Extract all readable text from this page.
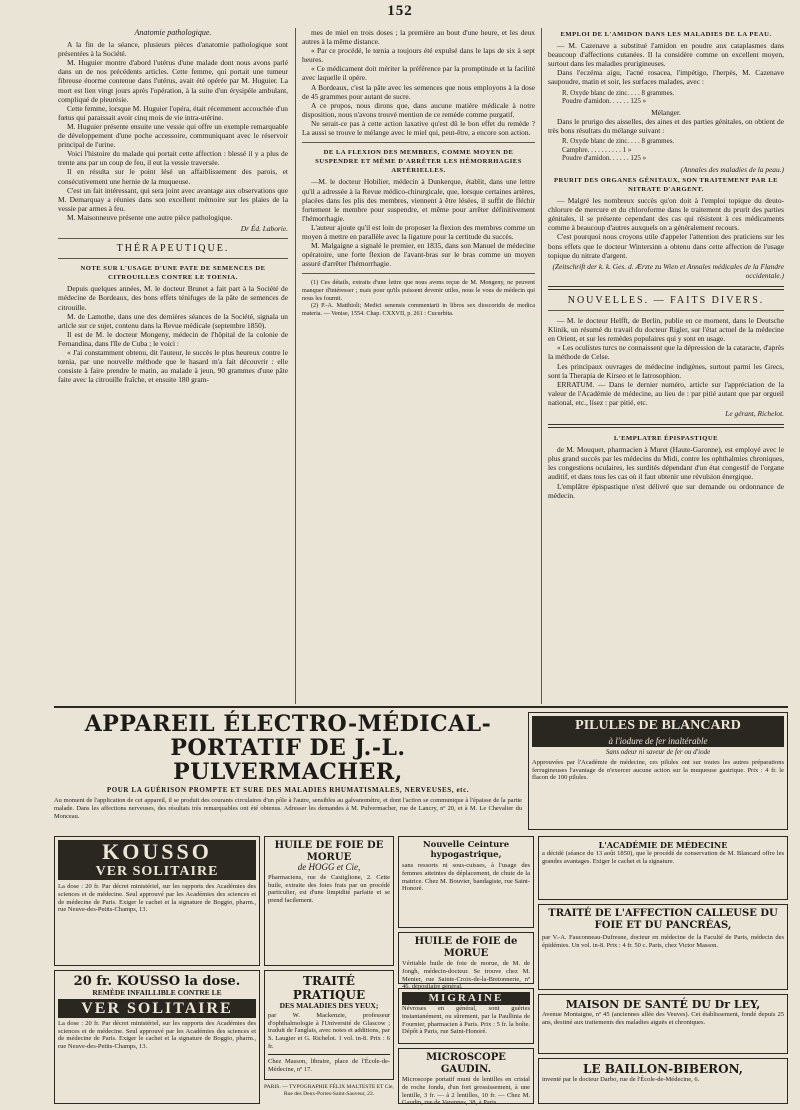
152
Anatomie pathologique.

A la fin de la séance, plusieurs pièces d'anatomie pathologique sont présentées à la Société.

M. Huguier montre d'abord l'utérus d'une malade dont nous avons parlé dans un de nos précédents articles. Cette femme, qui portait une tumeur fibreuse énorme contenue dans l'utérus, avait été opérée par M. Huguier. La mort est lien vingt jours après l'opération, à la suite d'un érysipèle ambulant, compliqué de pleurésie.

Cette femme, lorsque M. Huguier l'opéra, était récemment accouchée d'un fœtus qui paraissait avoir cinq mois de vie intra-utérine.

M. Huguier présente ensuite une vessie qui offre un exemple remarquable de développement d'une poche accessoire, communiquant avec le réservoir principal de l'urine.

Voici l'histoire du malade qui portait cette affection : blessé il y a plus de trente ans par un coup de feu, il eut la vessie traversée.

Il en résulta sur le point lésé un affaiblissement des parois, et consécutivement une hernie de la muqueuse.

C'est un fait intéressant, qui sera joint avec avantage aux observations que M. Demarquay a réunies dans son excellent mémoire sur les plaies de la vessie par armes à feu.

M. Maisonneuve présente une autre pièce pathologique.

Dr Éd. Laborie.
THÉRAPEUTIQUE.
NOTE SUR L'USAGE D'UNE PATE DE SEMENCES DE CITROUILLES CONTRE LE TOENIA.

Depuis quelques années, M. le docteur Brunet a fait part à la Société de médecine de Bordeaux, des bons effets ténifuges de la pâte de semences de citrouille.

M. de Lamothe, dans une des dernières séances de la Société, signala un article sur ce sujet, contenu dans la Revue médicale (septembre 1850).

Il est de M. le docteur Mongeny, médecin de l'hôpital de la colonie de Fernandina, dans l'île de Cuba ; le voici :

« J'ai constamment obtenu, dit l'auteur, le succès le plus heureux contre le tœnia, par une nouvelle méthode que le hasard m'a fait découvrir : elle consiste à faire prendre le matin, au malade à jeun, 90 grammes d'une pâte faite avec la citrouille fraîche, et ensuite 180 gram-

mes de miel en trois doses ; la première au bout d'une heure, et les deux autres à la même distance.

« Par ce procédé, le tœnia a toujours été expulsé dans le laps de six à sept heures.

« Ce médicament doit mériter la préférence par la promptitude et la facilité avec laquelle il opère.

A Bordeaux, c'est la pâte avec les semences que nous employons à la dose de 45 grammes pour autant de sucre.

A ce propos, nous dirons que, dans aucune matière médicale à notre disposition, nous n'avons trouvé mention de ce remède comme purgatif.

Ne serait-ce pas à cette action laxative qu'est dû le bon effet du remède ? La aussi se trouve le mélange avec le miel qui, peut-être, a encore son action.

DE LA FLEXION DES MEMBRES, COMME MOYEN DE SUSPENDRE ET MÊME D'ARRÊTER LES HÉMORRHAGIES ARTÉRIELLES.

—M. le docteur Hobilier, médecin à Dunkerque, établit, dans une lettre qu'il a adressée à la Revue médico-chirurgicale, que, lorsque certaines artères, placées dans les plis des membres, viennent à être lésées, il suffit de fléchir fortement le membre pour suspendre, et même pour arrêter définitivement l'hémorrhagie.

L'auteur ajoute qu'il est loin de proposer la flexion des membres comme un moyen à mettre en parallèle avec la ligature pour la certitude du succès.

M. Malgaigne a signalé le premier, en 1835, dans son Manuel de médecine opératoire, une forte flexion de l'avant-bras sur le bras comme un moyen assuré d'arrêter l'hémorrhagie.

(1) Ces détails, extraits d'une lettre que nous avons reçue de M. Mongeny, ne peuvent manquer d'intéresser ; mais pour qu'ils puissent devenir utiles, nous le vous de médecin qui nous les fournit.

(2) P.-A. Matthioli; Medici senensis commentarii in libros sex dioscoridis de medica materia. — Venise, 1554. Chap. CXXVII, p. 261 : Cucurbita.

EMPLOI DE L'AMIDON DANS LES MALADIES DE LA PEAU.

— M. Cazenave a substitué l'amidon en poudre aux cataplasmes dans beaucoup d'affections cutanées. Il la considère comme un excellent moyen, surtout dans les maladies prurigineuses.

Dans l'eczéma aigu, l'acné rosacea, l'impétigo, l'herpès, M. Cazenave saupoudre, matin et soir, les surfaces malades, avec :

R. Oxyde blanc de zinc. . . . 8 grammes.
Poudre d'amidon. . . . . . 125 »
Mélanger.

Dans le prurigo des aisselles, des aines et des parties génitales, on obtient de très bons résultats du mélange suivant :

R. Oxyde blanc de zinc. . . . 8 grammes.
Camphre. . . . . . . . . . 1 »
Poudre d'amidon. . . . . . 125 »
(Annales des maladies de la peau.)
PRURIT DES ORGANES GÉNITAUX, SON TRAITEMENT PAR LE NITRATE D'ARGENT.

— Malgré les nombreux succès qu'on doit à l'emploi topique du deuto-chlorure de mercure et du chloroforme dans le traitement du prurit des parties génitales, il se présente cependant des cas qui résistent à ces médicaments comme à beaucoup d'autres auxquels on a généralement recours.

C'est pourquoi nous croyons utile d'appeler l'attention des praticiens sur les bons effets que le docteur Wintersinn a obtenu dans cette affection de l'usage topique du nitrate d'argent.

(Zeitschrift der k. k. Ges. d. Ærzte zu Wien et Annales médicales de la Flandre occidentale.)
NOUVELLES. — FAITS DIVERS.

— M. le docteur Helfft, de Berlin, publie en ce moment, dans le Deutsche Klinik, un résumé du travail du docteur Rigler, sur l'état actuel de la médecine en Orient, et sur les remèdes populaires qui y sont en usage.

« Les oculistes turcs ne connaissent que la dépression de la cataracte, d'après la méthode de Celse.

Les principaux ouvrages de médecine indigènes, surtout parmi les Grecs, sont la Therapia de Kirseo et le Iatrosophion.

ERRATUM. — Dans le dernier numéro, article sur l'appréciation de la valeur de l'Académie de médecine, au lieu de : par pitié autant que par orgueil national, etc., lisez : par pitié, etc.

Le gérant, Richelot.
L'EMPLATRE ÉPISPASTIQUE

de M. Mouquet, pharmacien à Muret (Haute-Garonne), est employé avec le plus grand succès par les médecins du Midi, contre les ophthalmies chroniques, les congestions oculaires, les surdités dépendant d'un état congestif de l'organe auditif, et dans tous les cas où il faut obtenir une révulsion énergique.

L'emplâtre épispastique n'est délivré que sur demande ou ordonnance de médecin.

APPAREIL ÉLECTRO-MÉDICAL-PORTATIF DE J.-L. PULVERMACHER,
POUR LA GUÉRISON PROMPTE ET SURE DES MALADIES RHUMATISMALES, NERVEUSES, etc.
Au moment de l'application de cet appareil, il se produit des courants circulaires d'un pôle à l'autre, sensibles au galvanomètre, et dont l'action se communique à l'épaisse de la partie malade. Dans les affections nerveuses, des résultats très remarquables ont été obtenus. Adresser les demandes à M. Pulvermacher, rue de Lancry, nº 20, et à M. Le Chevalier du Monceau.
PILULES DE BLANCARD
à l'iodure de fer inaltérable
Sans odeur ni saveur de fer ou d'iode
Approuvées par l'Académie de médecine, ces pilules ont sur toutes les autres préparations ferrugineuses l'avantage de n'exercer aucune action sur la muqueuse gastrique. Prix : 4 fr. le flacon de 100 pilules.
KOUSSO
VER SOLITAIRE
La dose : 20 fr. Par décret ministériel, sur les rapports des Académies des sciences et de médecine. Seul approuvé par les Académies des sciences et de médecine de Paris. Exiger le cachet et la signature de Boggio, pharm., rue Neuve-des-Petits-Champs, 13.
20 fr. KOUSSO la dose.
REMÈDE INFAILLIBLE CONTRE LE
VER SOLITAIRE
La dose : 20 fr. Par décret ministériel, sur les rapports des Académies des sciences et de médecine. Seul approuvé par les Académies des sciences et de médecine de Paris. Exiger le cachet et la signature de Boggio, pharm., rue Neuve-des-Petits-Champs, 13.
HUILE DE FOIE DE MORUE
de HOGG et Cie,
Pharmaciens, rue de Castiglione, 2. Cette huile, extraite des foies frais par un procédé particulier, est d'une limpidité parfaite et se prend facilement.
TRAITÉ PRATIQUE
DES MALADIES DES YEUX;
par W. Mackenzie, professeur d'ophthalmologie à l'Université de Glascow ; traduit de l'anglais, avec notes et additions, par S. Laugier et G. Richelot. 1 vol. in-8. Prix : 6 fr.
Chez Masson, libraire, place de l'École-de-Médecine, nº 17.
PARIS. — TYPOGRAPHIE FÉLIX MALTESTE ET Cie, Rue des Deux-Portes-Saint-Sauveur, 22.
Nouvelle Ceinture hypogastrique,
sans ressorts ni sous-cuisses, à l'usage des femmes atteintes de déplacement, de chute de la matrice. Chez M. Bouvier, bandagiste, rue Saint-Honoré.
HUILE de FOIE de MORUE
Véritable huile de foie de morue, de M. de Jongh, médecin-docteur. Se trouve chez M. Menier, rue Sainte-Croix-de-la-Bretonnerie, nº 46, dépositaire général.
MIGRAINE
Névroses en général, sont guéries instantanément, ou sûrement, par la Paullinia de Fournier, pharmacien à Paris. Prix : 5 fr. la boîte. Dépôt à Paris, rue Saint-Honoré.
MICROSCOPE GAUDIN.
Microscope portatif muni de lentilles en cristal de roche fondu, d'un fort grossissement, à une lentille, 3 fr. — à 2 lentilles, 10 fr. — Chez M. Gaudin, rue de Varennes, 38, à Paris.
L'ACADÉMIE DE MÉDECINE
a décidé (séance du 13 août 1850), que le procédé de conservation de M. Blancard offre les grandes avantages. Exiger le cachet et la signature.
TRAITÉ DE L'AFFECTION CALLEUSE DU FOIE ET DU PANCRÉAS,
par V.-A. Fauconneau-Dufresne, docteur en médecine de la Faculté de Paris, médecin des épidémies. Un vol. in-8. Prix : 4 fr. 50 c. Paris, chez Victor Masson.
MAISON DE SANTÉ DU Dr LEY,
Avenue Montaigne, nº 45 (anciennes allée des Veuves). Cet établissement, fondé depuis 25 ans, destiné aux traitements des maladies aiguës et chroniques.
LE BAILLON-BIBERON,
inventé par le docteur Darbo, rue de l'École-de-Médecine, 6.
